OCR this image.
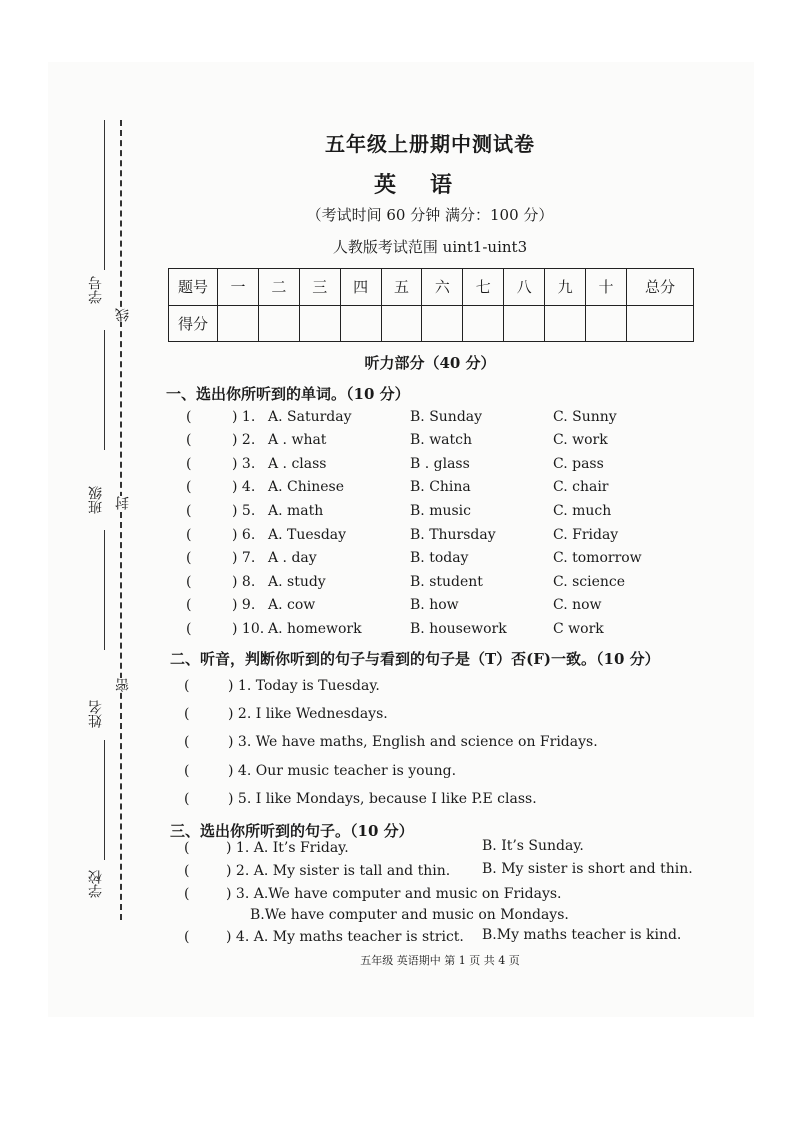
学号
班级
姓名
学校
线
封
密
五年级上册期中测试卷
英语
（考试时间 60 分钟 满分：100 分）
人教版考试范围 uint1-uint3
题号	一	二	三	四	五	六	七	八	九	十	总分
得分											
听力部分（40 分）
一、选出你所听到的单词。（10 分）
(	) 1. A. Saturday	B. Sunday	C. Sunny
(	) 2. A . what	B. watch	C. work
(	) 3. A . class	B . glass	C. pass
(	) 4. A. Chinese	B. China	C. chair
(	) 5. A. math	B. music	C. much
(	) 6. A. Tuesday	B. Thursday	C. Friday
(	) 7. A . day	B. today	C. tomorrow
(	) 8. A. study	B. student	C. science
(	) 9. A. cow	B. how	C. now
(	) 10. A. homework	B. housework	C work
二、听音，判断你听到的句子与看到的句子是（T）否(F)一致。（10 分）
(	) 1. Today is Tuesday.
(	) 2. I like Wednesdays.
(	) 3. We have maths, English and science on Fridays.
(	) 4. Our music teacher is young.
(	) 5. I like Mondays, because I like P.E class.
三、选出你所听到的句子。（10 分）
(	) 1. A. It’s Friday.	B. It’s Sunday.
(	) 2. A. My sister is tall and thin. B. My sister is short and thin.
(	) 3. A.We have computer and music on Fridays.
B.We have computer and music on Mondays.
(	) 4. A. My maths teacher is strict. B.My maths teacher is kind.
五年级 英语期中 第 1 页 共 4 页
